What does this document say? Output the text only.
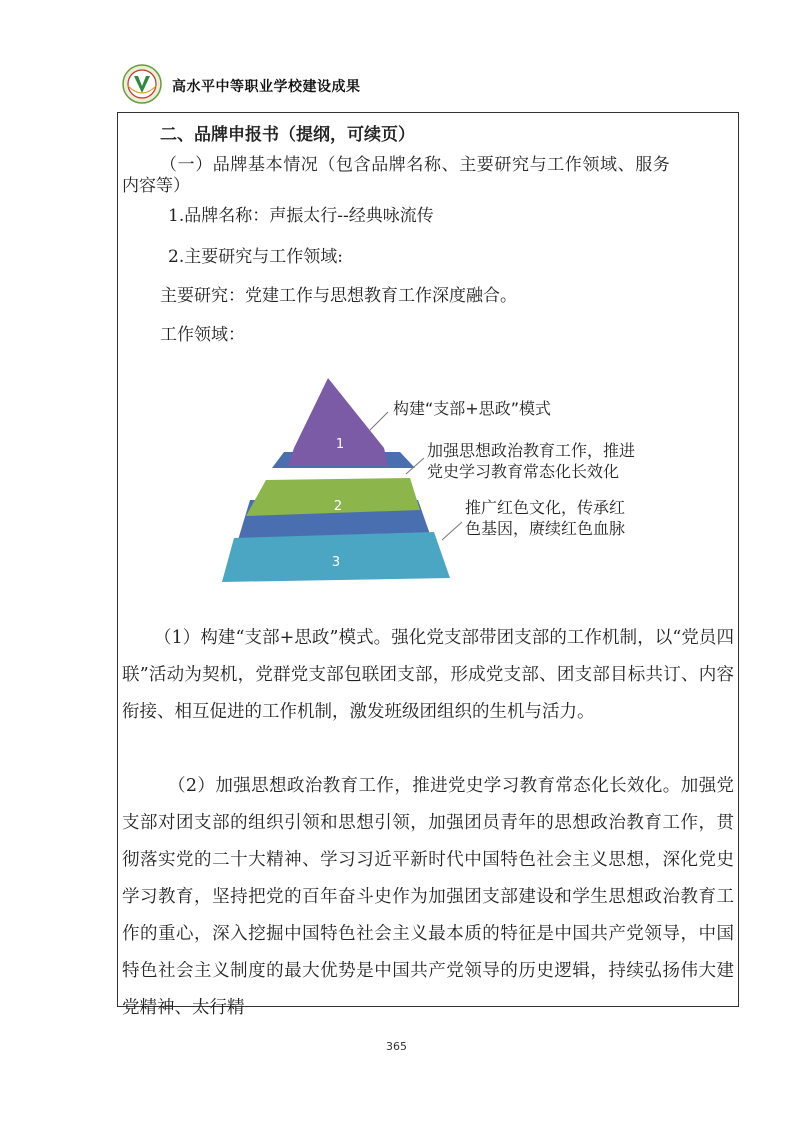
高水平中等职业学校建设成果
二、品牌申报书（提纲，可续页）
（一）品牌基本情况（包含品牌名称、主要研究与工作领域、服务
内容等）
1.品牌名称：声振太行--经典咏流传
2.主要研究与工作领域:
主要研究：党建工作与思想教育工作深度融合。
工作领域：
1
2
3
构建“支部+思政”模式
加强思想政治教育工作，推进
党史学习教育常态化长效化
推广红色文化，传承红
色基因，赓续红色血脉

（1）构建“支部+思政”模式。强化党支部带团支部的工作机制，以“党员四联”活动为契机，党群党支部包联团支部，形成党支部、团支部目标共订、内容衔接、相互促进的工作机制，激发班级团组织的生机与活力。

（2）加强思想政治教育工作，推进党史学习教育常态化长效化。加强党支部对团支部的组织引领和思想引领，加强团员青年的思想政治教育工作，贯彻落实党的二十大精神、学习习近平新时代中国特色社会主义思想，深化党史学习教育，坚持把党的百年奋斗史作为加强团支部建设和学生思想政治教育工作的重心，深入挖掘中国特色社会主义最本质的特征是中国共产党领导，中国特色社会主义制度的最大优势是中国共产党领导的历史逻辑，持续弘扬伟大建党精神、太行精

365
